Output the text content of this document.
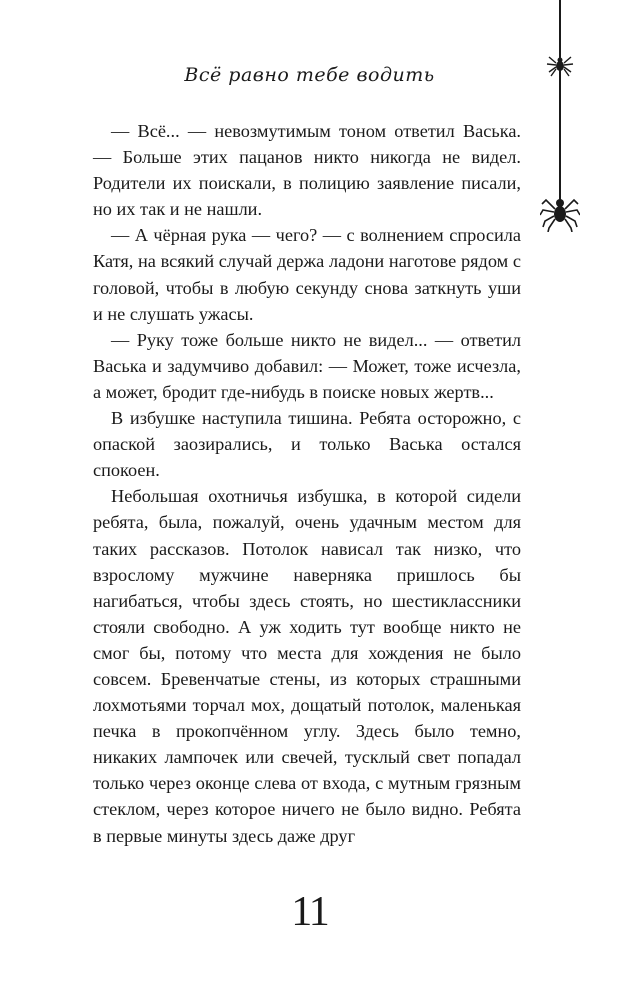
Всё равно тебе водить

— Всё... — невозмутимым тоном ответил Васька. — Больше этих пацанов никто никогда не видел. Родители их поискали, в полицию заявление писали, но их так и не нашли.

— А чёрная рука — чего? — с волнением спросила Катя, на всякий случай держа ладони наготове рядом с головой, чтобы в любую секунду снова заткнуть уши и не слушать ужасы.

— Руку тоже больше никто не видел... — ответил Васька и задумчиво добавил: — Может, тоже исчезла, а может, бродит где-нибудь в поиске новых жертв...

В избушке наступила тишина. Ребята осторожно, с опаской заозирались, и только Васька остался спокоен.

Небольшая охотничья избушка, в которой сидели ребята, была, пожалуй, очень удачным местом для таких рассказов. Потолок нависал так низко, что взрослому мужчине наверняка пришлось бы нагибаться, чтобы здесь стоять, но шестиклассники стояли свободно. А уж ходить тут вообще никто не смог бы, потому что места для хождения не было совсем. Бревенчатые стены, из которых страшными лохмотьями торчал мох, дощатый потолок, маленькая печка в прокопчённом углу. Здесь было темно, никаких лампочек или свечей, тусклый свет попадал только через оконце слева от входа, с мутным грязным стеклом, через которое ничего не было видно. Ребята в первые минуты здесь даже друг

11
